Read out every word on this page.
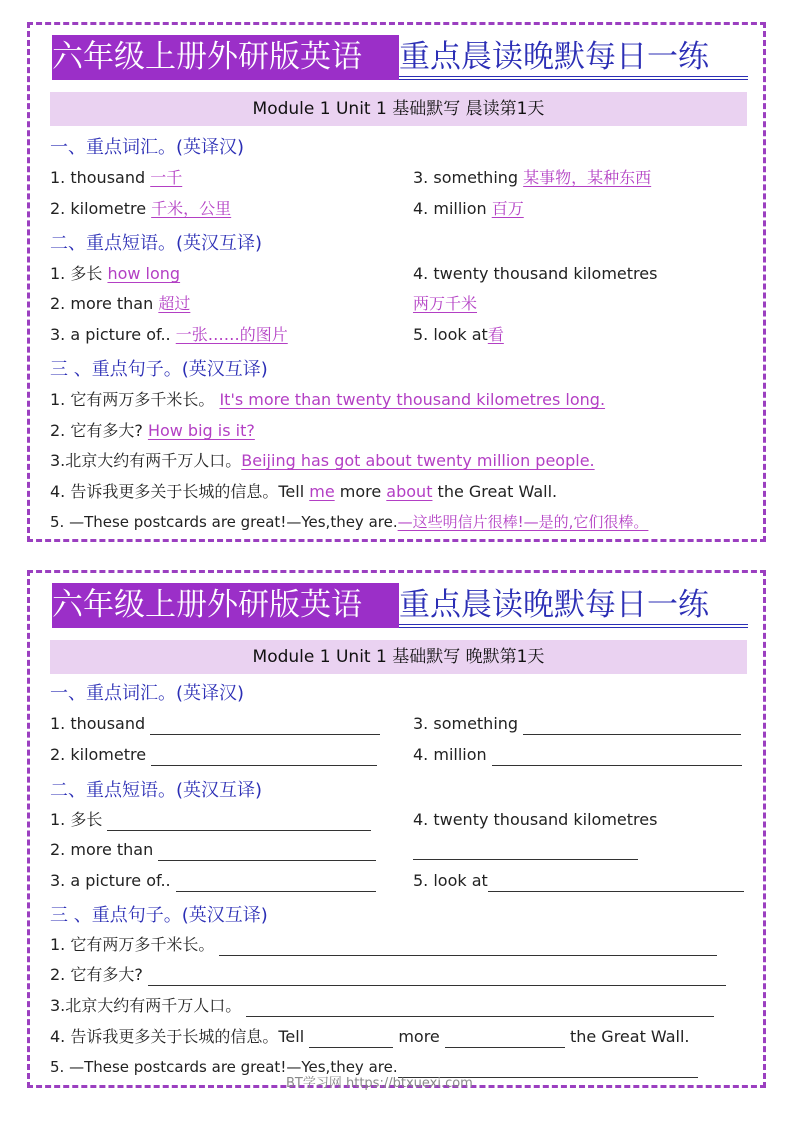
六年级上册外研版英语	重点晨读晚默每日一练
Module 1 Unit 1 基础默写 晨读第1天
一、重点词汇。(英译汉)
1. thousand 一千	3. something 某事物，某种东西
2. kilometre 千米，公里	4. million 百万
二、重点短语。(英汉互译)
1. 多长 how long	4. twenty thousand kilometres
2. more than 超过	两万千米
3. a picture of.. 一张……的图片	5. look at看
三 、重点句子。(英汉互译)
1. 它有两万多千米长。 It's more than twenty thousand kilometres long.
2. 它有多大? How big is it?
3.北京大约有两千万人口。Beijing has got about twenty million people.
4. 告诉我更多关于长城的信息。Tell me more about the Great Wall.
5. —These postcards are great!—Yes,they are.—这些明信片很棒!—是的,它们很棒。
六年级上册外研版英语	重点晨读晚默每日一练
Module 1 Unit 1 基础默写 晚默第1天
一、重点词汇。(英译汉)
1. thousand	3. something
2. kilometre	4. million
二、重点短语。(英汉互译)
1. 多长	4. twenty thousand kilometres
2. more than
3. a picture of..	5. look at
三 、重点句子。(英汉互译)
1. 它有两万多千米长。
2. 它有多大?
3.北京大约有两千万人口。
4. 告诉我更多关于长城的信息。Tell	more	the Great Wall.
5. —These postcards are great!—Yes,they are.
BT学习网 https://btxuexi.com
